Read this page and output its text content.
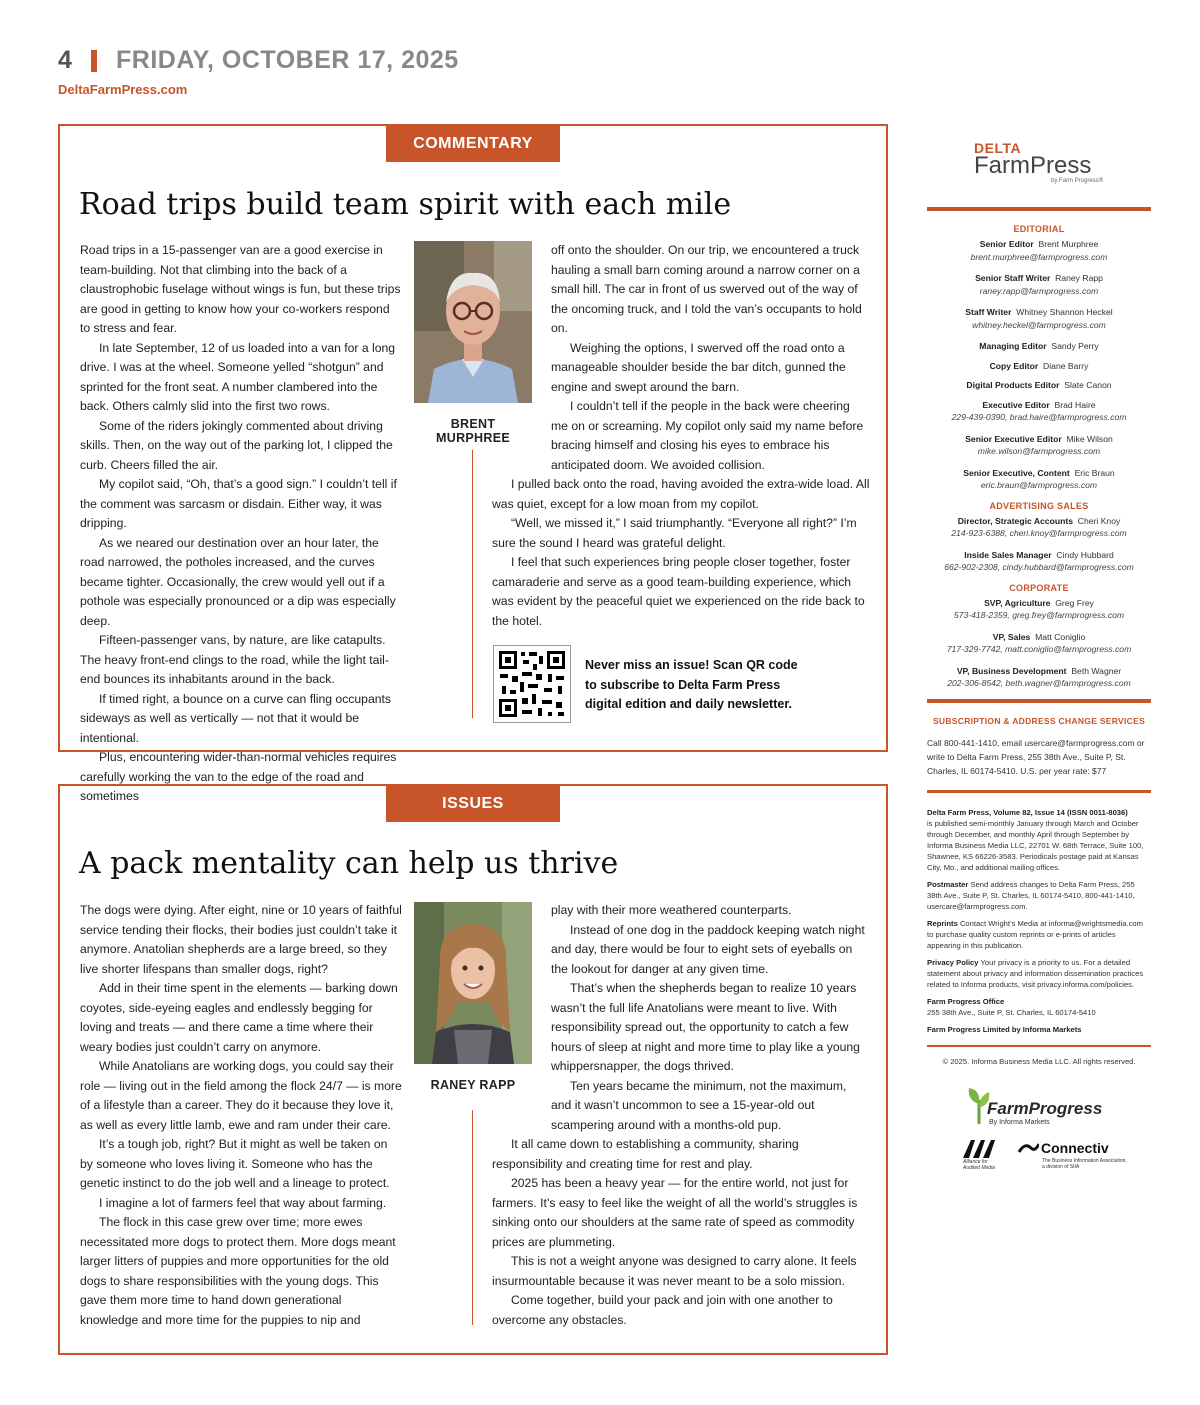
4 FRIDAY, OCTOBER 17, 2025
DeltaFarmPress.com
COMMENTARY
Road trips build team spirit with each mile

Road trips in a 15-passenger van are a good exercise in team-building. Not that climbing into the back of a claustrophobic fuselage without wings is fun, but these trips are good in getting to know how your co-workers respond to stress and fear.

In late September, 12 of us loaded into a van for a long drive. I was at the wheel. Someone yelled “shotgun” and sprinted for the front seat. A number clambered into the back. Others calmly slid into the first two rows.

Some of the riders jokingly commented about driving skills. Then, on the way out of the parking lot, I clipped the curb. Cheers filled the air.

My copilot said, “Oh, that’s a good sign.” I couldn’t tell if the comment was sarcasm or disdain. Either way, it was dripping.

As we neared our destination over an hour later, the road narrowed, the potholes increased, and the curves became tighter. Occasionally, the crew would yell out if a pothole was especially pronounced or a dip was especially deep.

Fifteen-passenger vans, by nature, are like catapults. The heavy front-end clings to the road, while the light tail-end bounces its inhabitants around in the back.

If timed right, a bounce on a curve can fling occupants sideways as well as vertically — not that it would be intentional.

Plus, encountering wider-than-normal vehicles requires carefully working the van to the edge of the road and sometimes

BRENT MURPHREE

off onto the shoulder. On our trip, we encountered a truck hauling a small barn coming around a narrow corner on a small hill. The car in front of us swerved out of the way of the oncoming truck, and I told the van’s occupants to hold on.

Weighing the options, I swerved off the road onto a manageable shoulder beside the bar ditch, gunned the engine and swept around the barn.

I couldn’t tell if the people in the back were cheering me on or screaming. My copilot only said my name before bracing himself and closing his eyes to embrace his anticipated doom. We avoided collision.

I pulled back onto the road, having avoided the extra-wide load. All was quiet, except for a low moan from my copilot.

“Well, we missed it,” I said triumphantly. “Everyone all right?” I’m sure the sound I heard was grateful delight.

I feel that such experiences bring people closer together, foster camaraderie and serve as a good team-building experience, which was evident by the peaceful quiet we experienced on the ride back to the hotel.

Never miss an issue! Scan QR code to subscribe to Delta Farm Press digital edition and daily newsletter.
ISSUES
A pack mentality can help us thrive

The dogs were dying. After eight, nine or 10 years of faithful service tending their flocks, their bodies just couldn’t take it anymore. Anatolian shepherds are a large breed, so they live shorter lifespans than smaller dogs, right?

Add in their time spent in the elements — barking down coyotes, side-eyeing eagles and endlessly begging for loving and treats — and there came a time where their weary bodies just couldn’t carry on anymore.

While Anatolians are working dogs, you could say their role — living out in the field among the flock 24/7 — is more of a lifestyle than a career. They do it because they love it, as well as every little lamb, ewe and ram under their care.

It’s a tough job, right? But it might as well be taken on by someone who loves living it. Someone who has the genetic instinct to do the job well and a lineage to protect.

I imagine a lot of farmers feel that way about farming.

The flock in this case grew over time; more ewes necessitated more dogs to protect them. More dogs meant larger litters of puppies and more opportunities for the old dogs to share responsibilities with the young dogs. This gave them more time to hand down generational knowledge and more time for the puppies to nip and

RANEY RAPP

play with their more weathered counterparts.

Instead of one dog in the paddock keeping watch night and day, there would be four to eight sets of eyeballs on the lookout for danger at any given time.

That’s when the shepherds began to realize 10 years wasn’t the full life Anatolians were meant to live. With responsibility spread out, the opportunity to catch a few hours of sleep at night and more time to play like a young whippersnapper, the dogs thrived.

Ten years became the minimum, not the maximum, and it wasn’t uncommon to see a 15-year-old out scampering around with a months-old pup.

It all came down to establishing a community, sharing responsibility and creating time for rest and play.

2025 has been a heavy year — for the entire world, not just for farmers. It’s easy to feel like the weight of all the world’s struggles is sinking onto our shoulders at the same rate of speed as commodity prices are plummeting.

This is not a weight anyone was designed to carry alone. It feels insurmountable because it was never meant to be a solo mission.

Come together, build your pack and join with one another to overcome any obstacles.

DELTA
FarmPress
by Farm Progress®
EDITORIAL
Senior Editor Brent Murphree
brent.murphree@farmprogress.com
Senior Staff Writer Raney Rapp
raney.rapp@farmprogress.com
Staff Writer Whitney Shannon Heckel
whitney.heckel@farmprogress.com
Managing Editor Sandy Perry
Copy Editor Diane Barry
Digital Products Editor Slate Canon
Executive Editor Brad Haire
229-439-0390, brad.haire@farmprogress.com
Senior Executive Editor Mike Wilson
mike.wilson@farmprogress.com
Senior Executive, Content Eric Braun
eric.braun@farmprogress.com
ADVERTISING SALES
Director, Strategic Accounts Cheri Knoy
214-923-6388, cheri.knoy@farmprogress.com
Inside Sales Manager Cindy Hubbard
662-902-2308, cindy.hubbard@farmprogress.com
CORPORATE
SVP, Agriculture Greg Frey
573-418-2359, greg.frey@farmprogress.com
VP, Sales Matt Coniglio
717-329-7742, matt.coniglio@farmprogress.com
VP, Business Development Beth Wagner
202-306-8542, beth.wagner@farmprogress.com
SUBSCRIPTION & ADDRESS CHANGE SERVICES
Call 800-441-1410, email usercare@farmprogress.com or write to Delta Farm Press, 255 38th Ave., Suite P, St. Charles, IL 60174-5410. U.S. per year rate: $77
Delta Farm Press, Volume 82, Issue 14 (ISSN 0011-8036)
is published semi-monthly January through March and October through December, and monthly April through September by Informa Business Media LLC, 22701 W. 68th Terrace, Suite 100, Shawnee, KS 66226-3583. Periodicals postage paid at Kansas City, Mo., and additional mailing offices.
Postmaster Send address changes to Delta Farm Press, 255 38th Ave., Suite P, St. Charles, IL 60174-5410, 800-441-1410, usercare@farmprogress.com.
Reprints Contact Wright’s Media at informa@wrightsmedia.com to purchase quality custom reprints or e-prints of articles appearing in this publication.
Privacy Policy Your privacy is a priority to us. For a detailed statement about privacy and information dissemination practices related to Informa products, visit privacy.informa.com/policies.
Farm Progress Office
255 38th Ave., Suite P, St. Charles, IL 60174-5410
Farm Progress Limited by Informa Markets
© 2025. Informa Business Media LLC. All rights reserved.
FarmProgress
By Informa Markets
Alliance for Audited Media
Connectiv
The Business Information Association, a division of SIIA
